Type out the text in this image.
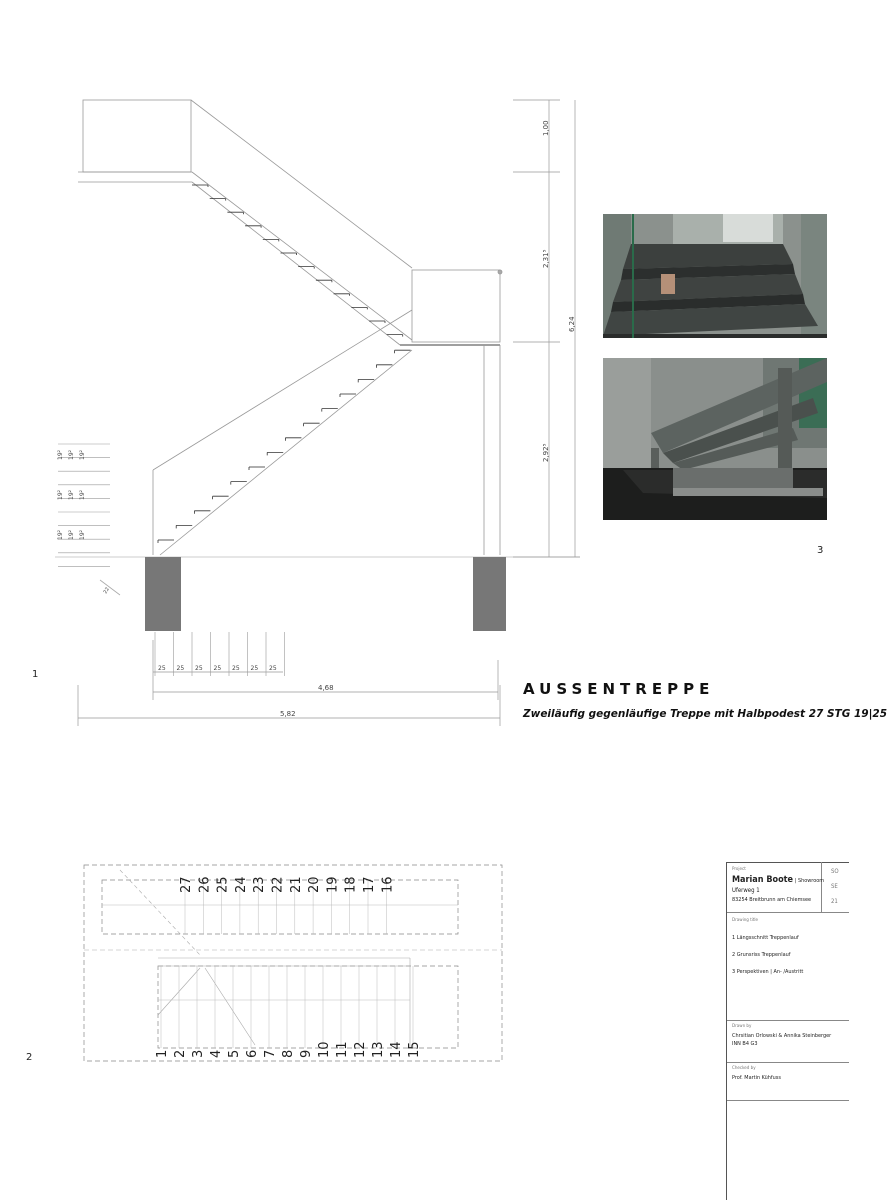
1,00
2,31⁵
6,24
2,92⁵
19² 19² 19²
19² 19² 19²
19² 19² 19²
25 25 25 25 25 25 25
4,68
5,82
22
27 26 25 24 23 22 21 20 19 18 17 16
1 2 3 4 5 6 7 8 9 10 11 12 13 14 15
1
2
3
AUSSENTREPPE
Zweiläufig gegenläufige Treppe mit Halbpodest 27 STG 19|25
Project
Marian Boote | Showroom
Uferweg 1
83254 Breitbrunn am Chiemsee
SO
SE
21
Drawing title
1 Längsschnitt Treppenlauf
2 Grunsriss Treppenlauf
3 Perspektiven | An- /Austritt
Drawn by
Chrsitian Orlowski & Annika Steinberger
INN B4 G3
Checked by
Prof. Martin Kühfuss
